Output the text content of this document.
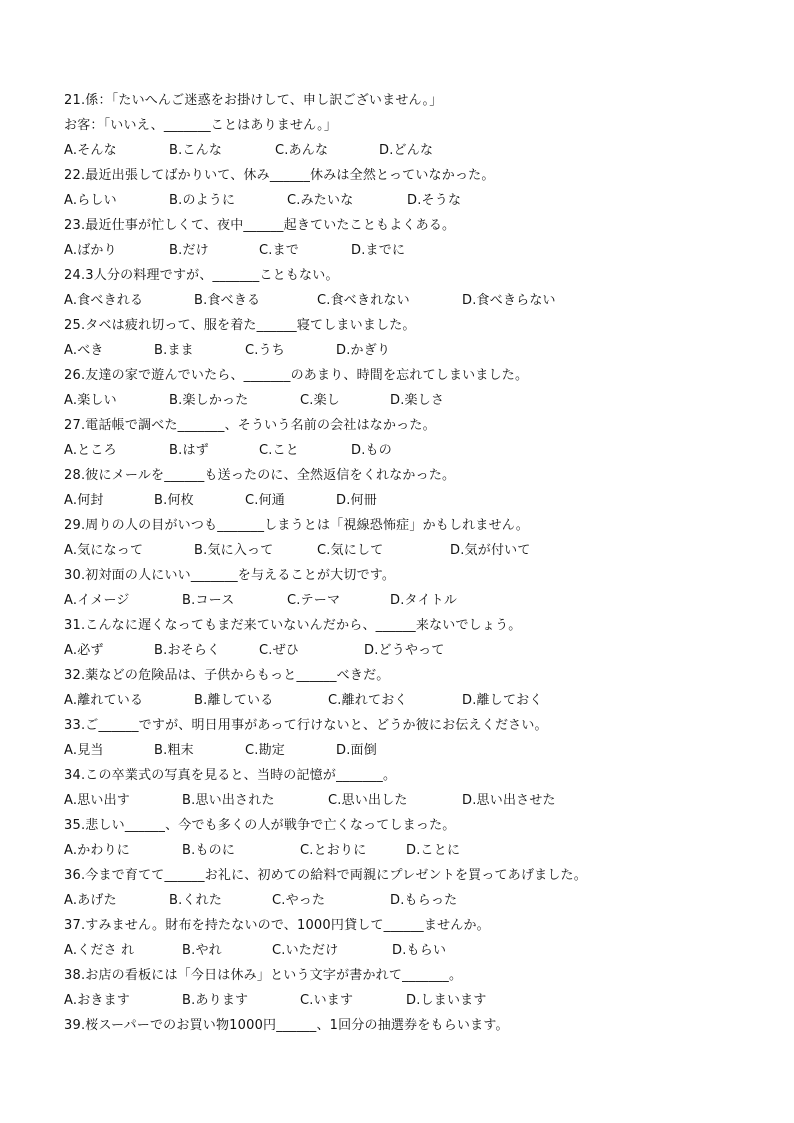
21.係：「たいへんご迷惑をお掛けして、申し訳ございません。」
お客：「いいえ、_______ことはありません。」
A.そんな	B.こんな	C.あんな	D.どんな
22.最近出張してばかりいて、休み______休みは全然とっていなかった。
A.らしい	B.のように	C.みたいな	D.そうな
23.最近仕事が忙しくて、夜中______起きていたこともよくある。
A.ばかり	B.だけ	C.まで	D.までに
24.3人分の料理ですが、_______こともない。
A.食べきれる	B.食べきる	C.食べきれない	D.食べきらない
25.タベは疲れ切って、服を着た______寝てしまいました。
A.べき	B.まま	C.うち	D.かぎり
26.友達の家で遊んでいたら、_______のあまり、時間を忘れてしまいました。
A.楽しい	B.楽しかった	C.楽し	D.楽しさ
27.電話帳で調べた_______、そういう名前の会社はなかった。
A.ところ	B.はず	C.こと	D.もの
28.彼にメールを______も送ったのに、全然返信をくれなかった。
A.何封	B.何枚	C.何通	D.何冊
29.周りの人の目がいつも_______しまうとは「視線恐怖症」かもしれません。
A.気になって	B.気に入って	C.気にして	D.気が付いて
30.初対面の人にいい_______を与えることが大切です。
A.イメージ	B.コース	C.テーマ	D.タイトル
31.こんなに遅くなってもまだ来ていないんだから、______来ないでしょう。
A.必ず	B.おそらく	C.ぜひ	D.どうやって
32.薬などの危険品は、子供からもっと______べきだ。
A.離れている	B.離している	C.離れておく	D.離しておく
33.ご______ですが、明日用事があって行けないと、どうか彼にお伝えください。
A.見当	B.粗末	C.勘定	D.面倒
34.この卒業式の写真を見ると、当時の記憶が_______。
A.思い出す	B.思い出された	C.思い出した	D.思い出させた
35.悲しい______、今でも多くの人が戦争で亡くなってしまった。
A.かわりに	B.ものに	C.とおりに	D.ことに
36.今まで育てて______お礼に、初めての給料で両親にプレゼントを買ってあげました。
A.あげた	B.くれた	C.やった	D.もらった
37.すみません。財布を持たないので、1000円貸して______ませんか。
A.くださ れ	B.やれ	C.いただけ	D.もらい
38.お店の看板には「今日は休み」という文字が書かれて_______。
A.おきます	B.あります	C.います	D.しまいます
39.桜スーパーでのお買い物1000円______、1回分の抽選券をもらいます。
